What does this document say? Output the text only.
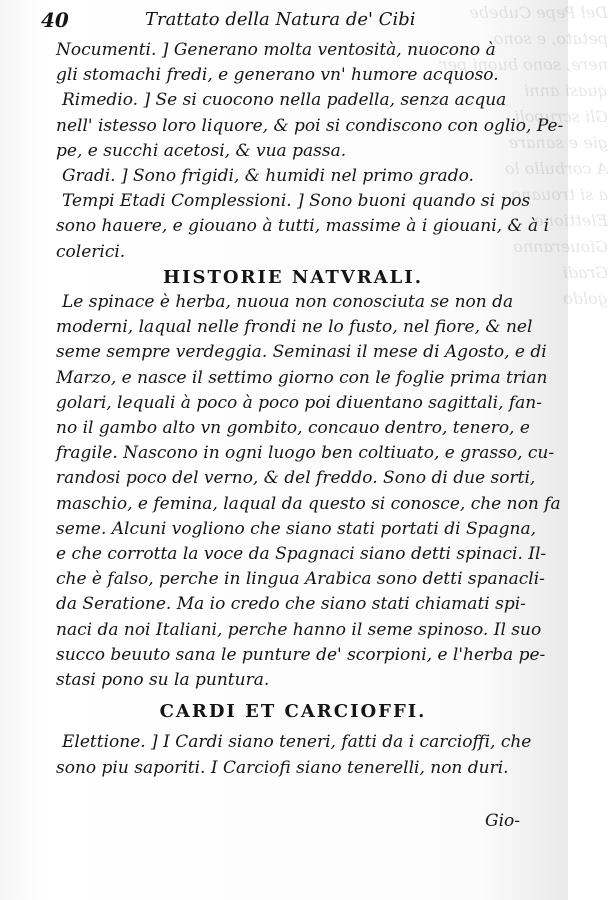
Del Pepe Cubebe
petato, e sono
nere, sono buoni per
quasi anni
Gli scrupoli
gie e sanare
A corbullo lo
a si trouano
Elettione
Gioueranno
Gradi
goldo
40	Trattato della Natura de' Cibi
Nocumenti. ] Generano molta ventosità, nuocono à
gli stomachi fredi, e generano vn' humore acquoso.
Rimedio. ] Se si cuocono nella padella, senza acqua
nell' istesso loro liquore, & poi si condiscono con oglio, Pe-
pe, e succhi acetosi, & vua passa.
Gradi. ] Sono frigidi, & humidi nel primo grado.
Tempi Etadi Complessioni. ] Sono buoni quando si pos
sono hauere, e giouano à tutti, massime à i giouani, & à i
colerici.
HISTORIE NATVRALI.
Le spinace è herba, nuoua non conosciuta se non da
moderni, laqual nelle frondi ne lo fusto, nel fiore, & nel
seme sempre verdeggia. Seminasi il mese di Agosto, e di
Marzo, e nasce il settimo giorno con le foglie prima trian
golari, lequali à poco à poco poi diuentano sagittali, fan-
no il gambo alto vn gombito, concauo dentro, tenero, e
fragile. Nascono in ogni luogo ben coltiuato, e grasso, cu-
randosi poco del verno, & del freddo. Sono di due sorti,
maschio, e femina, laqual da questo si conosce, che non fa
seme. Alcuni vogliono che siano stati portati di Spagna,
e che corrotta la voce da Spagnaci siano detti spinaci. Il-
che è falso, perche in lingua Arabica sono detti spanacli-
da Seratione. Ma io credo che siano stati chiamati spi-
naci da noi Italiani, perche hanno il seme spinoso. Il suo
succo beuuto sana le punture de' scorpioni, e l'herba pe-
stasi pono su la puntura.
CARDI ET CARCIOFFI.
Elettione. ] I Cardi siano teneri, fatti da i carcioffi, che
sono piu saporiti. I Carciofi siano tenerelli, non duri.
Gio-
